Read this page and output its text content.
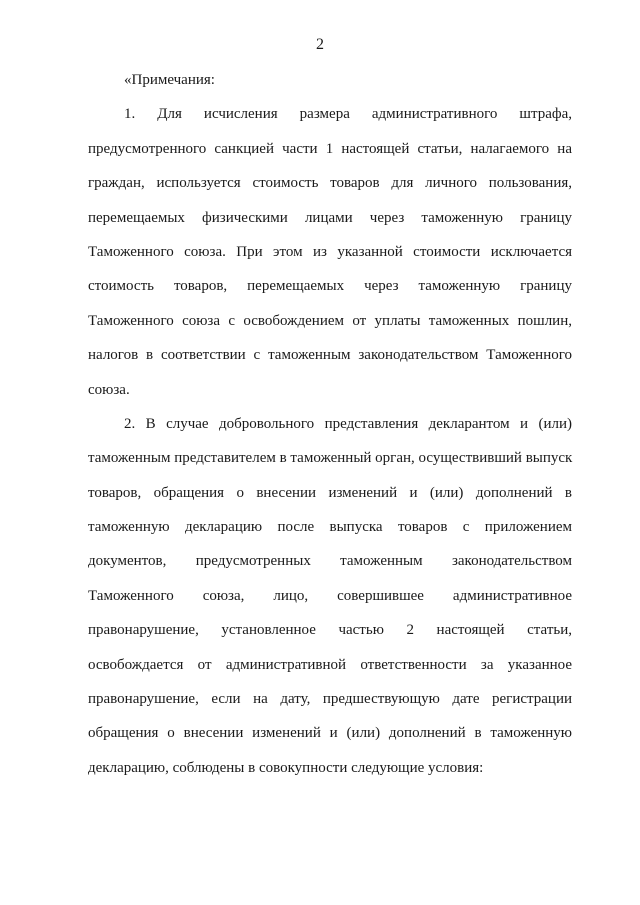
2
«Примечания:
1. Для исчисления размера административного штрафа,
предусмотренного санкцией части 1 настоящей статьи, налагаемого на
граждан, используется стоимость товаров для личного пользования,
перемещаемых физическими лицами через таможенную границу
Таможенного союза. При этом из указанной стоимости исключается
стоимость товаров, перемещаемых через таможенную границу
Таможенного союза с освобождением от уплаты таможенных пошлин,
налогов в соответствии с таможенным законодательством Таможенного
союза.
2. В случае добровольного представления декларантом и (или)
таможенным представителем в таможенный орган, осуществивший выпуск
товаров, обращения о внесении изменений и (или) дополнений в
таможенную декларацию после выпуска товаров с приложением
документов, предусмотренных таможенным законодательством
Таможенного союза, лицо, совершившее административное
правонарушение, установленное частью 2 настоящей статьи,
освобождается от административной ответственности за указанное
правонарушение, если на дату, предшествующую дате регистрации
обращения о внесении изменений и (или) дополнений в таможенную
декларацию, соблюдены в совокупности следующие условия:
